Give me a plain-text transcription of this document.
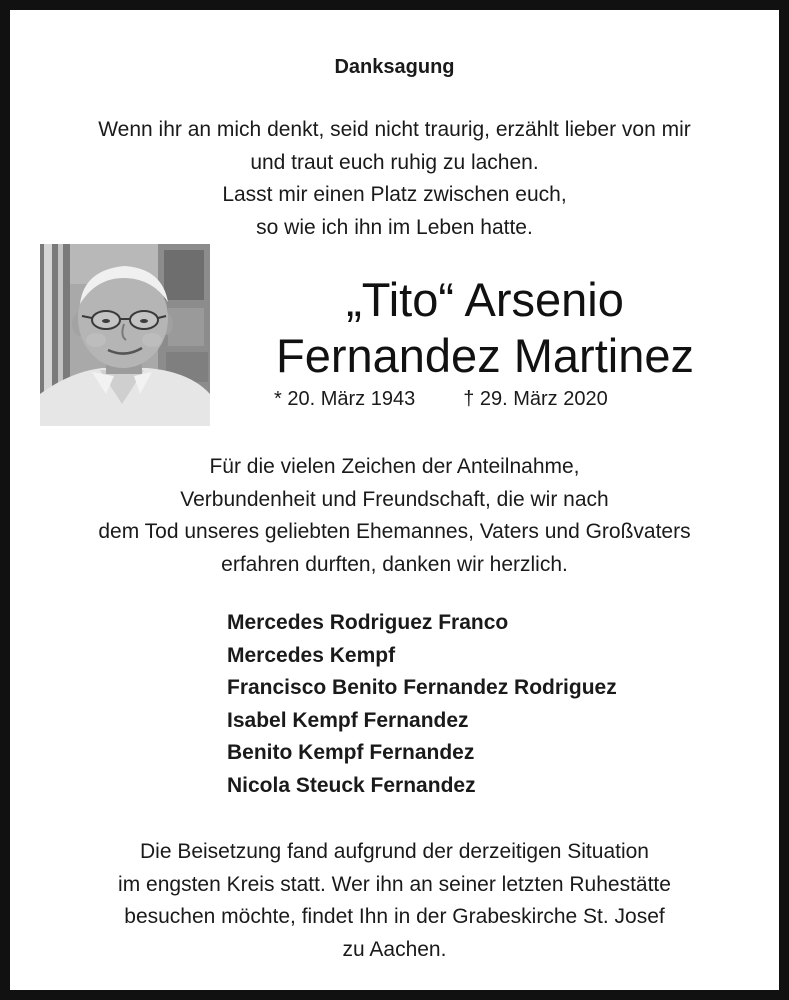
Danksagung
Wenn ihr an mich denkt, seid nicht traurig, erzählt lieber von mir
und traut euch ruhig zu lachen.
Lasst mir einen Platz zwischen euch,
so wie ich ihn im Leben hatte.
„Tito“ Arsenio
Fernandez Martinez
* 20. März 1943 † 29. März 2020
Für die vielen Zeichen der Anteilnahme,
Verbundenheit und Freundschaft, die wir nach
dem Tod unseres geliebten Ehemannes, Vaters und Großvaters
erfahren durften, danken wir herzlich.
Mercedes Rodriguez Franco
Mercedes Kempf
Francisco Benito Fernandez Rodriguez
Isabel Kempf Fernandez
Benito Kempf Fernandez
Nicola Steuck Fernandez
Die Beisetzung fand aufgrund der derzeitigen Situation
im engsten Kreis statt. Wer ihn an seiner letzten Ruhestätte
besuchen möchte, findet Ihn in der Grabeskirche St. Josef
zu Aachen.
